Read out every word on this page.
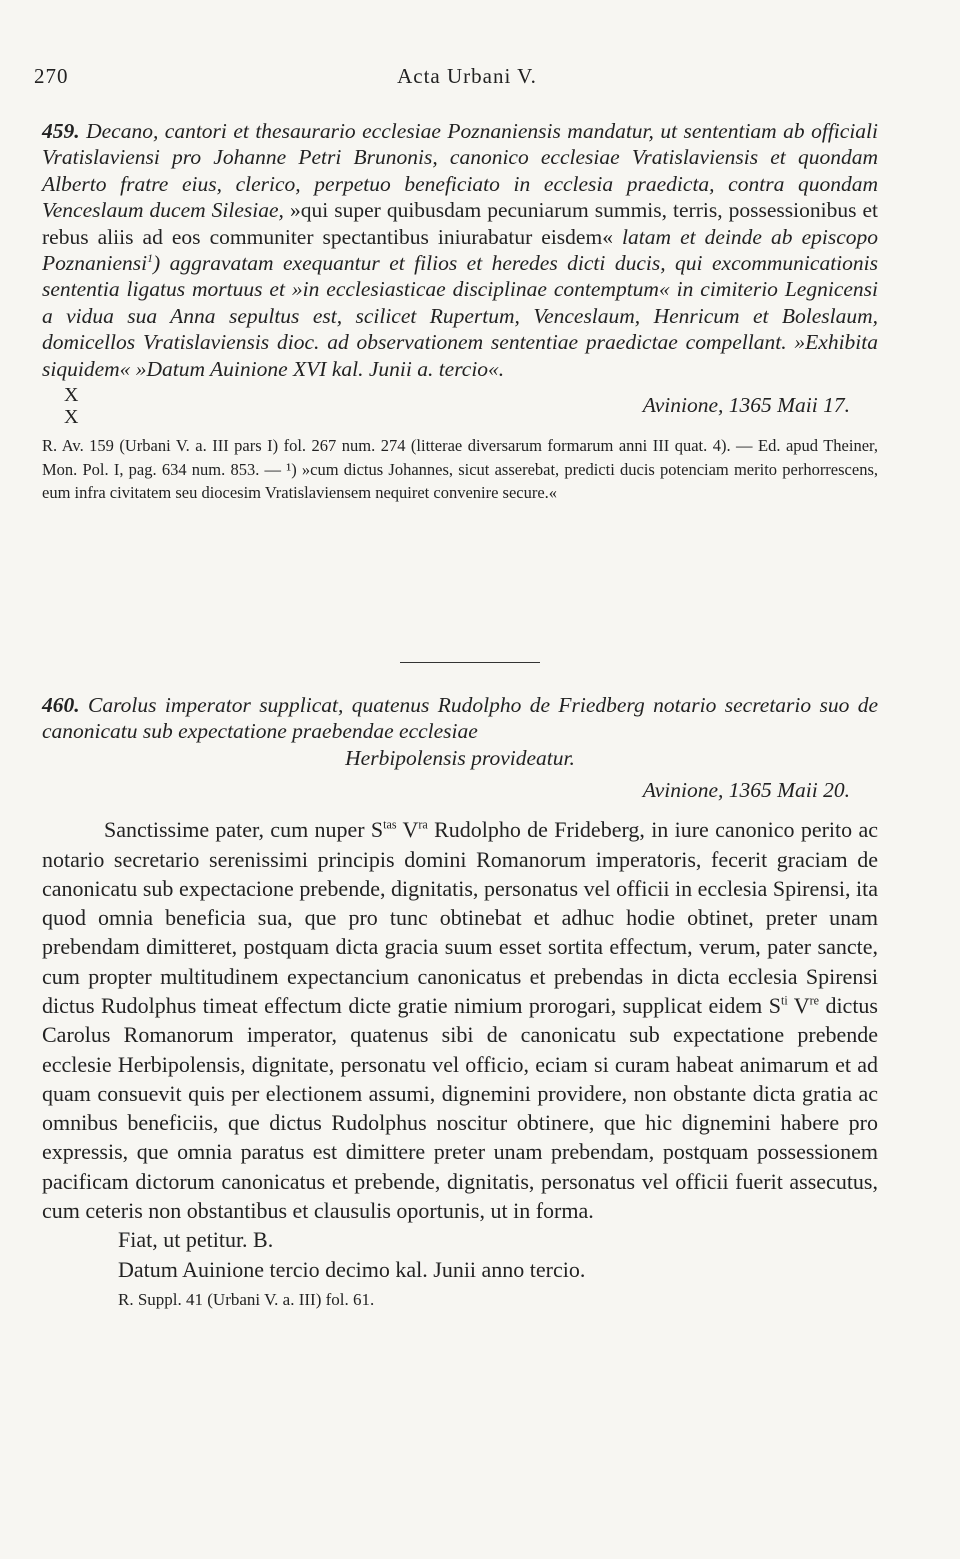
270	Acta Urbani V.

459. Decano, cantori et thesaurario ecclesiae Poznaniensis mandatur, ut sententiam ab officiali Vratislaviensi pro Johanne Petri Brunonis, canonico ecclesiae Vratislaviensis et quondam Alberto fratre eius, clerico, perpetuo beneficiato in ecclesia praedicta, contra quondam Venceslaum ducem Silesiae, »qui super quibusdam pecuniarum summis, terris, possessionibus et rebus aliis ad eos communiter spectantibus iniurabatur eisdem« latam et deinde ab episcopo Poznaniensi$^1$) aggravatam exequantur et filios et heredes dicti ducis, qui excommunicationis sententia ligatus mortuus et »in ecclesiasticae disciplinae contemptum« in cimiterio Legnicensi a vidua sua Anna sepultus est, scilicet Rupertum, Venceslaum, Henricum et Boleslaum, domicellos Vratislaviensis dioc. ad observationem sententiae praedictae compellant. »Exhibita siquidem« »Datum Auinione XVI kal. Junii a. tercio«.

X
X	Avinione, 1365 Maii 17.

R. Av. 159 (Urbani V. a. III pars I) fol. 267 num. 274 (litterae diversarum formarum anni III quat. 4). — Ed. apud Theiner, Mon. Pol. I, pag. 634 num. 853. — ¹) »cum dictus Johannes, sicut asserebat, predicti ducis potenciam merito perhorrescens, eum infra civitatem seu diocesim Vratislaviensem nequiret convenire secure.«

460. Carolus imperator supplicat, quatenus Rudolpho de Friedberg notario secretario suo de canonicatu sub expectatione praebendae ecclesiae

Herbipolensis provideatur.
Avinione, 1365 Maii 20.

Sanctissime pater, cum nuper $S^{tas}$ $V^{ra}$ Rudolpho de Frideberg, in iure canonico perito ac notario secretario serenissimi principis domini Romanorum imperatoris, fecerit graciam de canonicatu sub expectacione prebende, dignitatis, personatus vel officii in ecclesia Spirensi, ita quod omnia beneficia sua, que pro tunc obtinebat et adhuc hodie obtinet, preter unam prebendam dimitteret, postquam dicta gracia suum esset sortita effectum, verum, pater sancte, cum propter multitudinem expectancium canonicatus et prebendas in dicta ecclesia Spirensi dictus Rudolphus timeat effectum dicte gratie nimium prorogari, supplicat eidem $S^{ti}$ Vre dictus Carolus Romanorum imperator, quatenus sibi de canonicatu sub expectatione prebende ecclesie Herbipolensis, dignitate, personatu vel officio, eciam si curam habeat animarum et ad quam consuevit quis per electionem assumi, dignemini providere, non obstante dicta gratia ac omnibus beneficiis, que dictus Rudolphus noscitur obtinere, que hic dignemini habere pro expressis, que omnia paratus est dimittere preter unam prebendam, postquam possessionem pacificam dictorum canonicatus et prebende, dignitatis, personatus vel officii fuerit assecutus, cum ceteris non obstantibus et clausulis oportunis, ut in forma.

Fiat, ut petitur. B.

Datum Auinione tercio decimo kal. Junii anno tercio.

R. Suppl. 41 (Urbani V. a. III) fol. 61.
